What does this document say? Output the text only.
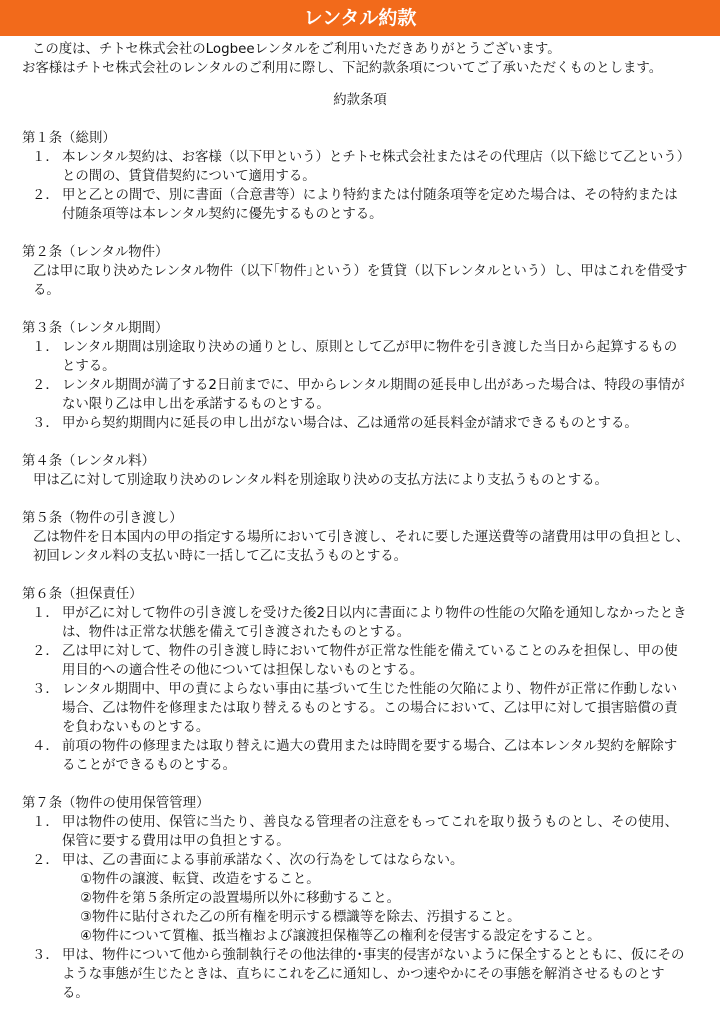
レンタル約款

この度は、チトセ株式会社のLogbeeレンタルをご利用いただきありがとうございます。

お客様はチトセ株式会社のレンタルのご利用に際し、下記約款条項についてご了承いただくものとします。

約款条項
第１条（総則）
１． 本レンタル契約は、お客様（以下甲という）とチトセ株式会社またはその代理店（以下総じて乙という）との間の、賃貸借契約について適用する。
２． 甲と乙との間で、別に書面（合意書等）により特約または付随条項等を定めた場合は、その特約または付随条項等は本レンタル契約に優先するものとする。
第２条（レンタル物件）
乙は甲に取り決めたレンタル物件（以下｢物件｣という）を賃貸（以下レンタルという）し、甲はこれを借受する。
第３条（レンタル期間）
１． レンタル期間は別途取り決めの通りとし、原則として乙が甲に物件を引き渡した当日から起算するものとする。
２． レンタル期間が満了する2日前までに、甲からレンタル期間の延長申し出があった場合は、特段の事情がない限り乙は申し出を承諾するものとする。
３． 甲から契約期間内に延長の申し出がない場合は、乙は通常の延長料金が請求できるものとする。
第４条（レンタル料）
甲は乙に対して別途取り決めのレンタル料を別途取り決めの支払方法により支払うものとする。
第５条（物件の引き渡し）
乙は物件を日本国内の甲の指定する場所において引き渡し、それに要した運送費等の諸費用は甲の負担とし、初回レンタル料の支払い時に一括して乙に支払うものとする。
第６条（担保責任）
１． 甲が乙に対して物件の引き渡しを受けた後2日以内に書面により物件の性能の欠陥を通知しなかったときは、物件は正常な状態を備えて引き渡されたものとする。
２． 乙は甲に対して、物件の引き渡し時において物件が正常な性能を備えていることのみを担保し、甲の使用目的への適合性その他については担保しないものとする。
３． レンタル期間中、甲の責によらない事由に基づいて生じた性能の欠陥により、物件が正常に作動しない場合、乙は物件を修理または取り替えるものとする。この場合において、乙は甲に対して損害賠償の責を負わないものとする。
４． 前項の物件の修理または取り替えに過大の費用または時間を要する場合、乙は本レンタル契約を解除することができるものとする。
第７条（物件の使用保管管理）
１． 甲は物件の使用、保管に当たり、善良なる管理者の注意をもってこれを取り扱うものとし、その使用、保管に要する費用は甲の負担とする。
２． 甲は、乙の書面による事前承諾なく、次の行為をしてはならない。
①物件の譲渡、転貸、改造をすること。
②物件を第５条所定の設置場所以外に移動すること。
③物件に貼付された乙の所有権を明示する標識等を除去、汚損すること。
④物件について質権、抵当権および譲渡担保権等乙の権利を侵害する設定をすること。
３． 甲は、物件について他から強制執行その他法律的･事実的侵害がないように保全するとともに、仮にそのような事態が生じたときは、直ちにこれを乙に通知し、かつ速やかにその事態を解消させるものとする。
